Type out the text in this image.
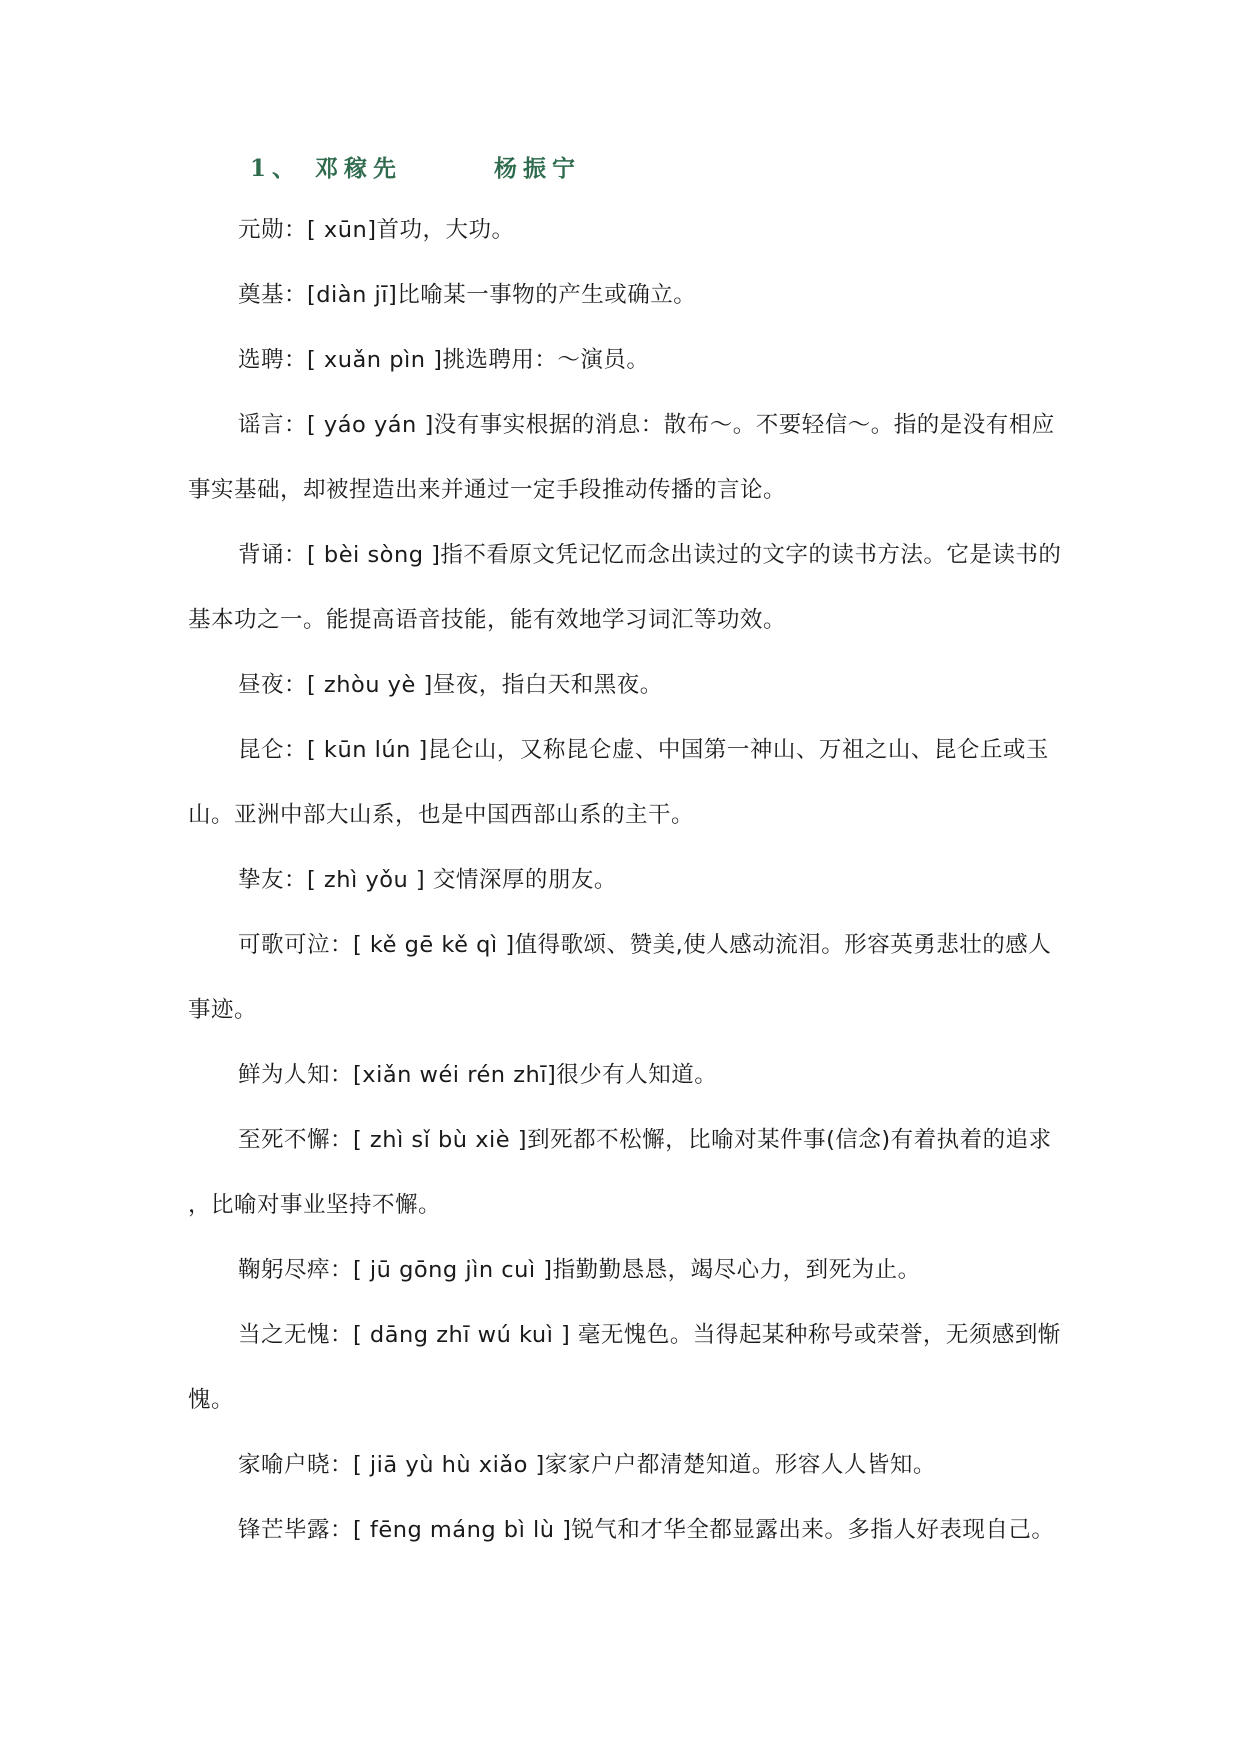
1、 邓稼先	杨振宁

元勋：[ xūn]首功，大功。

奠基：[diàn jī]比喻某一事物的产生或确立。

选聘：[ xuǎn pìn ]挑选聘用：～演员。

谣言：[ yáo yán ]没有事实根据的消息：散布～。不要轻信～。指的是没有相应事实基础，却被捏造出来并通过一定手段推动传播的言论。

背诵：[ bèi sòng ]指不看原文凭记忆而念出读过的文字的读书方法。它是读书的基本功之一。能提高语音技能，能有效地学习词汇等功效。

昼夜：[ zhòu yè ]昼夜，指白天和黑夜。

昆仑：[ kūn lún ]昆仑山，又称昆仑虚、中国第一神山、万祖之山、昆仑丘或玉山。亚洲中部大山系，也是中国西部山系的主干。

挚友：[ zhì yǒu ] 交情深厚的朋友。

可歌可泣：[ kě gē kě qì ]值得歌颂、赞美,使人感动流泪。形容英勇悲壮的感人事迹。

鲜为人知：[xiǎn wéi rén zhī]很少有人知道。

至死不懈：[ zhì sǐ bù xiè ]到死都不松懈，比喻对某件事(信念)有着执着的追求 ，比喻对事业坚持不懈。

鞠躬尽瘁：[ jū gōng jìn cuì ]指勤勤恳恳，竭尽心力，到死为止。

当之无愧：[ dāng zhī wú kuì ] 毫无愧色。当得起某种称号或荣誉，无须感到惭愧。

家喻户晓：[ jiā yù hù xiǎo ]家家户户都清楚知道。形容人人皆知。

锋芒毕露：[ fēng máng bì lù ]锐气和才华全都显露出来。多指人好表现自己。
